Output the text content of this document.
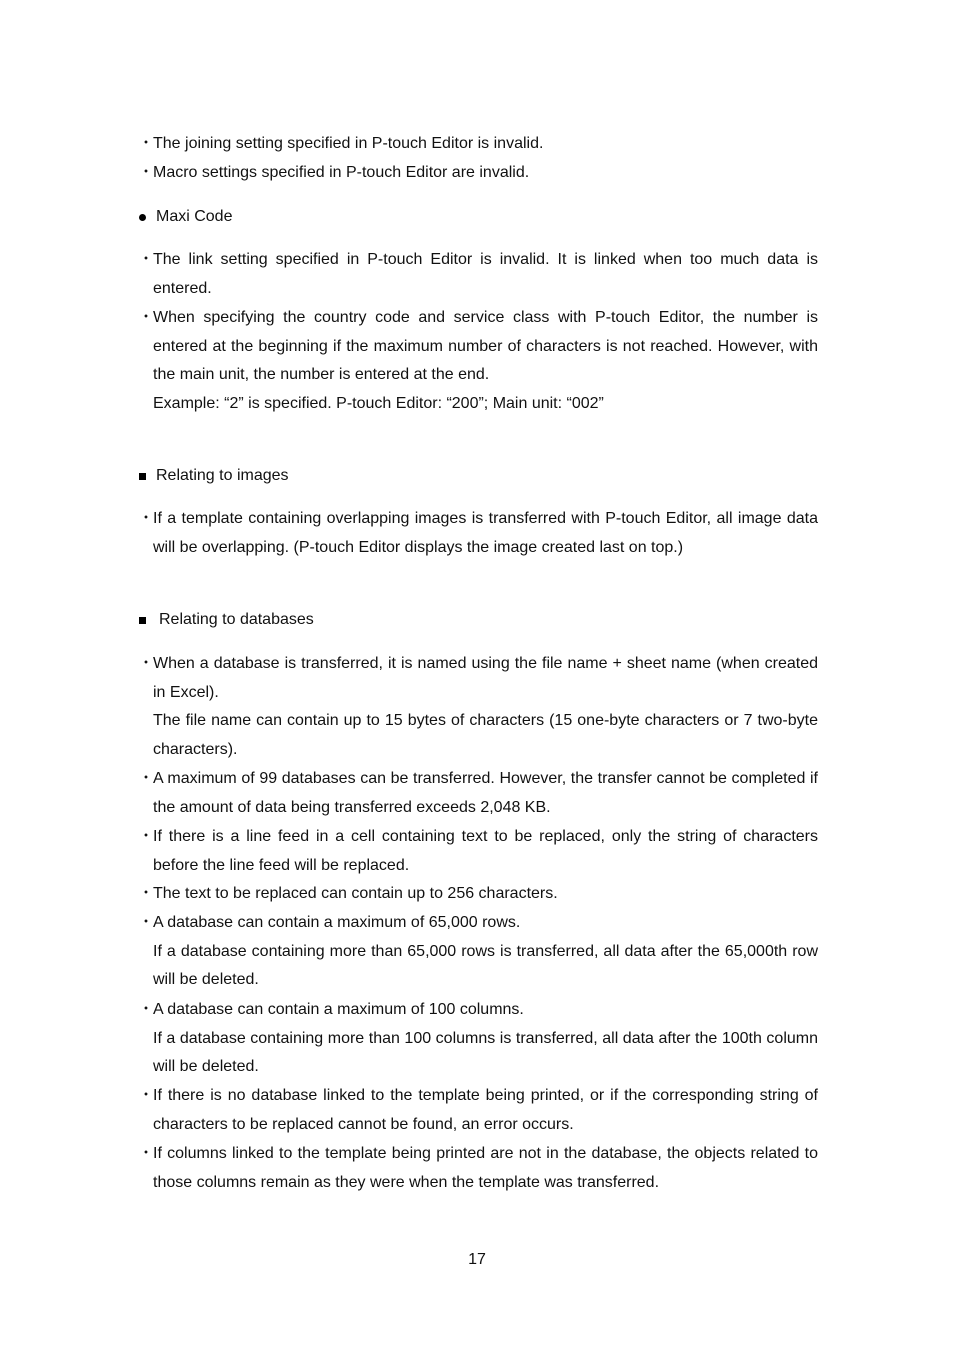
・

The joining setting specified in P-touch Editor is invalid.

・

Macro settings specified in P-touch Editor are invalid.

Maxi Code
・

The link setting specified in P-touch Editor is invalid. It is linked when too much data is entered.

・

When specifying the country code and service class with P-touch Editor, the number is entered at the beginning if the maximum number of characters is not reached. However, with the main unit, the number is entered at the end.

Example: “2” is specified. P-touch Editor: “200”; Main unit: “002”

Relating to images
・

If a template containing overlapping images is transferred with P-touch Editor, all image data will be overlapping. (P-touch Editor displays the image created last on top.)

Relating to databases
・

When a database is transferred, it is named using the file name + sheet name (when created in Excel).

The file name can contain up to 15 bytes of characters (15 one-byte characters or 7 two-byte characters).

・

A maximum of 99 databases can be transferred. However, the transfer cannot be completed if the amount of data being transferred exceeds 2,048 KB.

・

If there is a line feed in a cell containing text to be replaced, only the string of characters before the line feed will be replaced.

・

The text to be replaced can contain up to 256 characters.

・

A database can contain a maximum of 65,000 rows.

If a database containing more than 65,000 rows is transferred, all data after the 65,000th row will be deleted.

・

A database can contain a maximum of 100 columns.

If a database containing more than 100 columns is transferred, all data after the 100th column will be deleted.

・

If there is no database linked to the template being printed, or if the corresponding string of characters to be replaced cannot be found, an error occurs.

・

If columns linked to the template being printed are not in the database, the objects related to those columns remain as they were when the template was transferred.

17
